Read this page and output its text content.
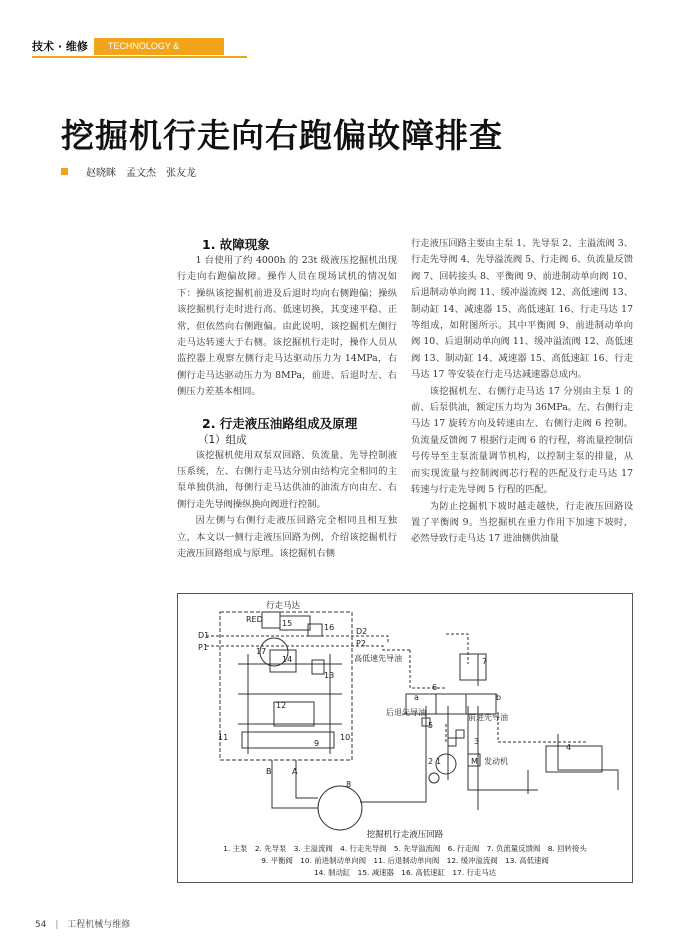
技术 · 维修	TECHNOLOGY & MAINTENANCE
挖掘机行走向右跑偏故障排查
赵晓眯 孟文杰 张友龙

1. 故障现象

1 台使用了约 4000h 的 23t 级液压挖掘机出现行走向右跑偏故障。操作人员在现场试机的情况如下：操纵该挖掘机前进及后退时均向右侧跑偏；操纵该挖掘机行走时进行高、低速切换，其变速平稳、正常，但依然向右侧跑偏。由此说明，该挖掘机左侧行走马达转速大于右侧。该挖掘机行走时，操作人员从监控器上观察左侧行走马达驱动压力为 14MPa，右侧行走马达驱动压力为 8MPa，前进、后退时左、右侧压力差基本相同。

2. 行走液压油路组成及原理

（1）组成

该挖掘机使用双泵双回路、负流量、先导控制液压系统，左、右侧行走马达分别由结构完全相同的主泵单独供油，每侧行走马达供油的油流方向由左、右侧行走先导阀操纵换向阀进行控制。

因左侧与右侧行走液压回路完全相同且相互独立，本文以一侧行走液压回路为例，介绍该挖掘机行走液压回路组成与原理。该挖掘机右侧

行走液压回路主要由主泵 1、先导泵 2、主溢流阀 3、行走先导阀 4、先导溢流阀 5、行走阀 6、负流量反馈阀 7、回转接头 8、平衡阀 9、前进制动单向阀 10、后退制动单向阀 11、缓冲溢流阀 12、高低速阀 13、制动缸 14、减速器 15、高低速缸 16、行走马达 17 等组成，如附图所示。其中平衡阀 9、前进制动单向阀 10、后退制动单向阀 11、缓冲溢流阀 12、高低速阀 13、制动缸 14、减速器 15、高低速缸 16、行走马达 17 等安装在行走马达减速器总成内。

该挖掘机左、右侧行走马达 17 分别由主泵 1 的前、后泵供油，额定压力均为 36MPa。左、右侧行走马达 17 旋转方向及转速由左、右侧行走阀 6 控制。负流量反馈阀 7 根据行走阀 6 的行程，将流量控制信号传导至主泵流量调节机构，以控制主泵的排量，从而实现流量与控制阀阀芯行程的匹配及行走马达 17 转速与行走先导阀 5 行程的匹配。

为防止挖掘机下坡时越走越快，行走液压回路设置了平衡阀 9。当挖掘机在重力作用下加速下坡时，必然导致行走马达 17 进油侧供油量

行走马达
RED
D1
P1
D2
P2
B	A
a	b
高低速先导油
后退先导油
前进先导油
M 发动机
1
2
3
4
5
6
7
8
9
10
11
12
13
14
15	16
17
挖掘机行走液压回路
1. 主泵　2. 先导泵　3. 主溢流阀　4. 行走先导阀　5. 先导溢流阀　6. 行走阀　7. 负流量反馈阀　8. 回转接头
9. 平衡阀　10. 前进制动单向阀　11. 后退制动单向阀　12. 缓冲溢流阀　13. 高低速阀
14. 制动缸　15. 减速器　16. 高低速缸　17. 行走马达
54 | 工程机械与维修
